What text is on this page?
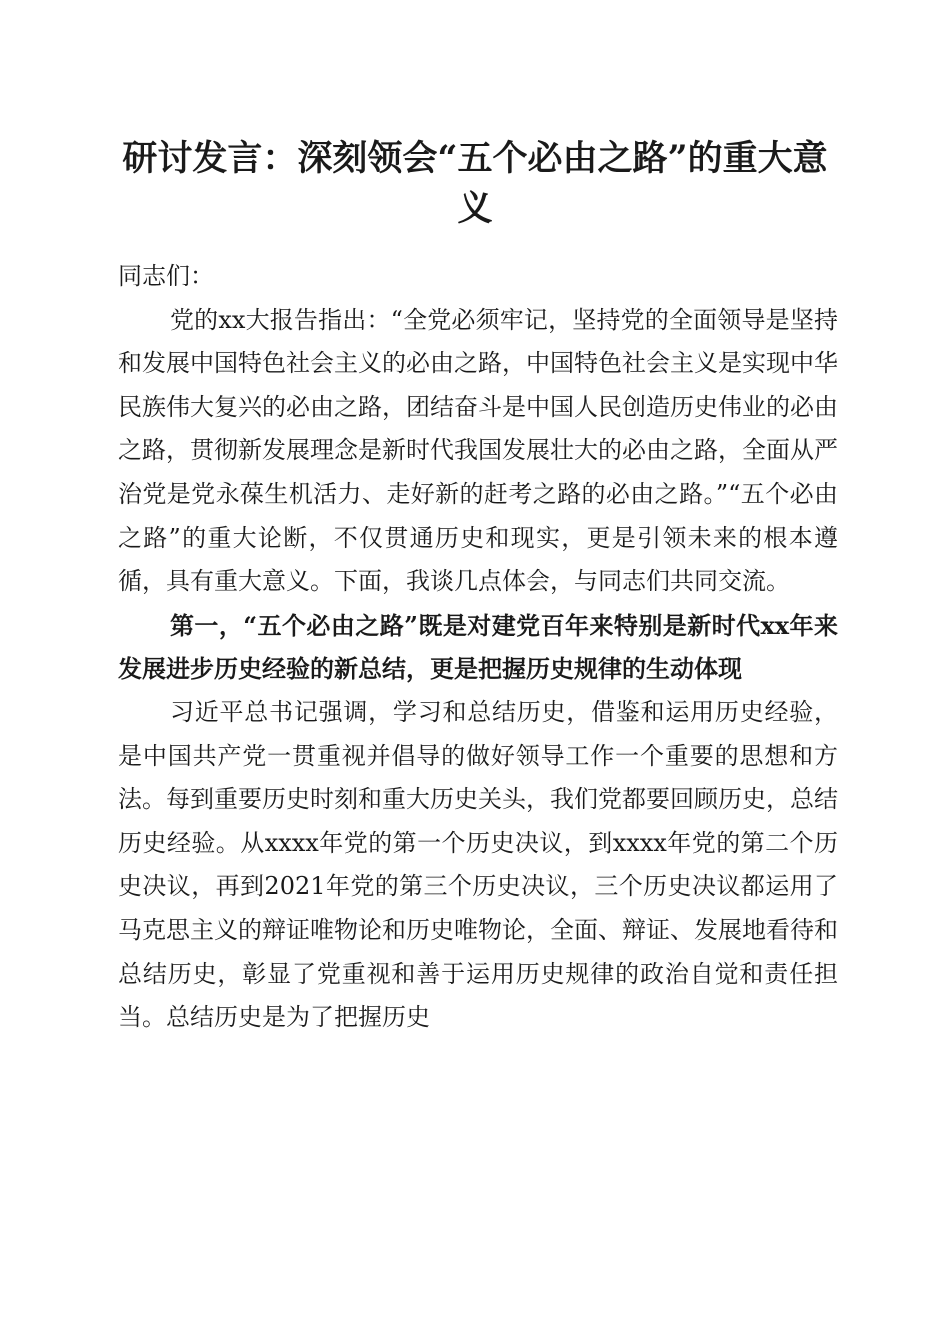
研讨发言：深刻领会“五个必由之路”的重大意义

同志们：

党的xx大报告指出：“全党必须牢记，坚持党的全面领导是坚持和发展中国特色社会主义的必由之路，中国特色社会主义是实现中华民族伟大复兴的必由之路，团结奋斗是中国人民创造历史伟业的必由之路，贯彻新发展理念是新时代我国发展壮大的必由之路，全面从严治党是党永葆生机活力、走好新的赶考之路的必由之路。”“五个必由之路”的重大论断，不仅贯通历史和现实，更是引领未来的根本遵循，具有重大意义。下面，我谈几点体会，与同志们共同交流。

第一，“五个必由之路”既是对建党百年来特别是新时代xx年来发展进步历史经验的新总结，更是把握历史规律的生动体现

习近平总书记强调，学习和总结历史，借鉴和运用历史经验，是中国共产党一贯重视并倡导的做好领导工作一个重要的思想和方法。每到重要历史时刻和重大历史关头，我们党都要回顾历史，总结历史经验。从xxxx年党的第一个历史决议，到xxxx年党的第二个历史决议，再到2021年党的第三个历史决议，三个历史决议都运用了马克思主义的辩证唯物论和历史唯物论，全面、辩证、发展地看待和总结历史，彰显了党重视和善于运用历史规律的政治自觉和责任担当。总结历史是为了把握历史
